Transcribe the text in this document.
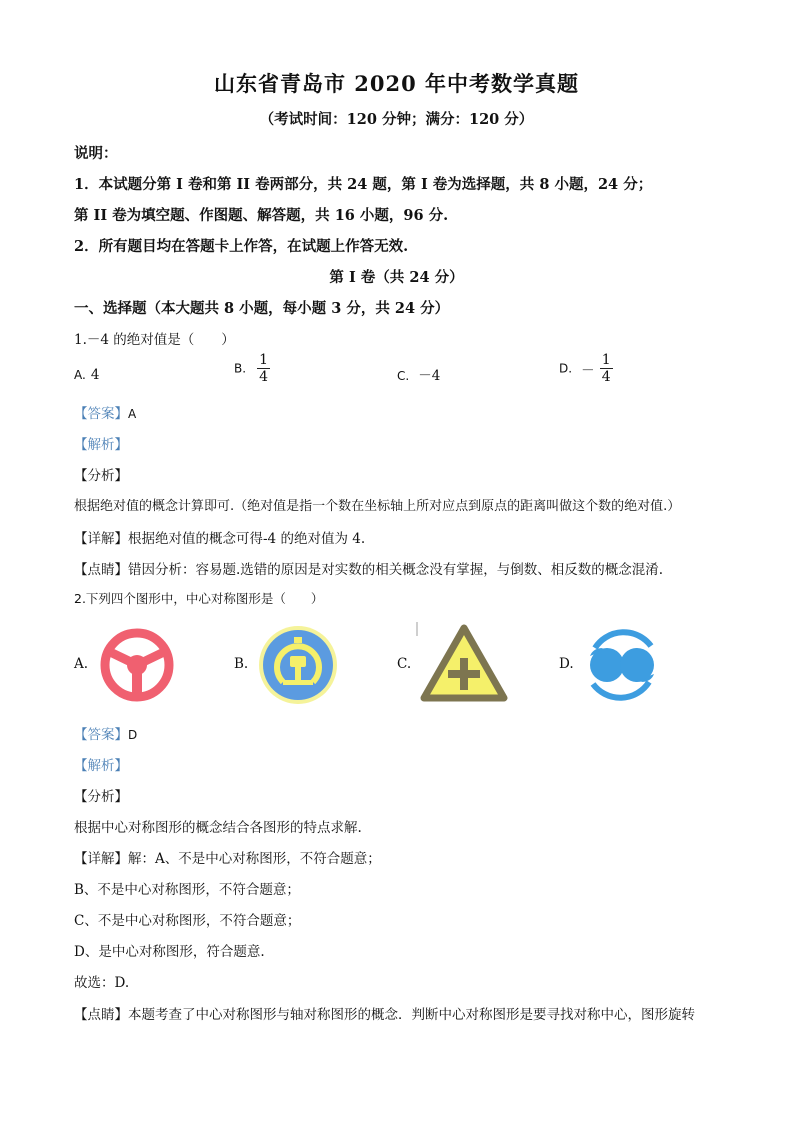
山东省青岛市 2020 年中考数学真题
（考试时间：120 分钟；满分：120 分）
说明：
1．本试题分第 I 卷和第 II 卷两部分，共 24 题，第 I 卷为选择题，共 8 小题，24 分；
第 II 卷为填空题、作图题、解答题，共 16 小题，96 分.
2．所有题目均在答题卡上作答，在试题上作答无效.
第 I 卷（共 24 分）
一、选择题（本大题共 8 小题，每小题 3 分，共 24 分）
1.－4 的绝对值是（　　）
A. 4	B. $\frac{1}{4}$	C. －4	D. － $\frac{1}{4}$
【答案】A
【解析】
【分析】
根据绝对值的概念计算即可.（绝对值是指一个数在坐标轴上所对应点到原点的距离叫做这个数的绝对值.）
【详解】根据绝对值的概念可得-4 的绝对值为 4.
【点睛】错因分析：容易题.选错的原因是对实数的相关概念没有掌握，与倒数、相反数的概念混淆.
2.下列四个图形中，中心对称图形是（　　）
A.	B.	C.	D.
【答案】D
【解析】
【分析】
根据中心对称图形的概念结合各图形的特点求解.
【详解】解：A、不是中心对称图形，不符合题意；
B、不是中心对称图形，不符合题意；
C、不是中心对称图形，不符合题意；
D、是中心对称图形，符合题意.
故选：D.
【点睛】本题考查了中心对称图形与轴对称图形的概念．判断中心对称图形是要寻找对称中心，图形旋转
